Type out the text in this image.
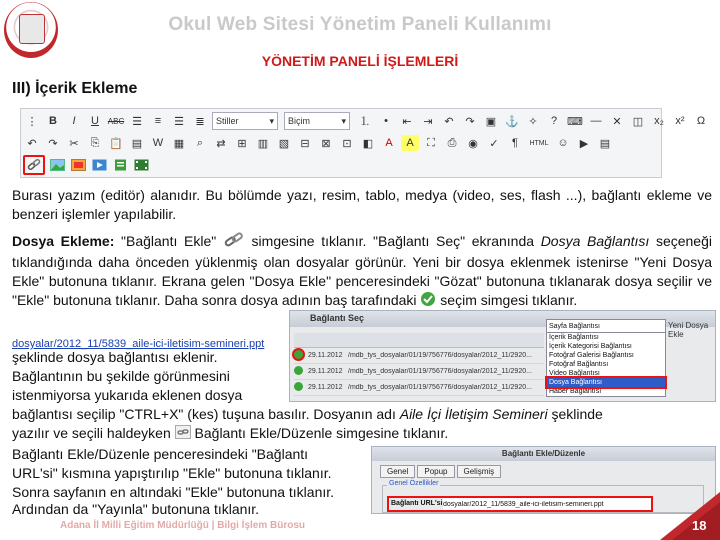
Okul Web Sitesi Yönetim Paneli Kullanımı
YÖNETİM PANELİ İŞLEMLERİ
III) İçerik Ekleme
⋮	B	I	U	ABC ☰	≡	☰	≣	Stiller	▾ Biçim	▾	⒈	•	⇤	⇥	↶	↷	▣ ⚓ ✧	? ⌨ — ✕	◫ x₂	x²	Ω
↶	↷	✂	⎘ 📋 ▤ W ▦	⌕	⇄	⊞	▥ ▧	⊟	⊠	⊡	◧	A	A	⛶	⎙	◉	✓	¶	HTML ☺	▶	▤
Burası yazım (editör) alanıdır. Bu bölümde yazı, resim, tablo, medya (video, ses, flash ...), bağlantı ekleme ve benzeri işlemler yapılabilir.
Dosya Ekleme: "Bağlantı Ekle"  simgesine tıklanır. "Bağlantı Seç" ekranında Dosya Bağlantısı seçeneği tıklandığında daha önceden yüklenmiş olan dosyalar görünür. Yeni bir dosya eklenmek istenirse "Yeni Dosya Ekle" butonuna tıklanır. Ekrana gelen "Dosya Ekle" penceresindeki "Gözat" butonuna tıklanarak dosya seçilir ve "Ekle" butonuna tıklanır. Daha sonra dosya adının baş tarafındaki  seçim simgesi tıklanır.
dosyalar/2012_11/5839_aile-ici-iletisim-semineri.ppt
şeklinde dosya bağlantısı eklenir.
Bağlantının bu şekilde görünmesini
istenmiyorsa yukarıda eklenen dosya
bağlantısı seçilip "CTRL+X" (kes) tuşuna basılır. Dosyanın adı Aile İçi İletişim Semineri şeklinde
yazılır ve seçili haldeyken  Bağlantı Ekle/Düzenle simgesine tıklanır.
Bağlantı Seç
29.11.2012 /mdb_tys_dosyalar/01/19/756776/dosyalar/2012_11/2920...
29.11.2012 /mdb_tys_dosyalar/01/19/756776/dosyalar/2012_11/2920...
29.11.2012 /mdb_tys_dosyalar/01/19/756776/dosyalar/2012_11/2920...
Sayfa Bağlantısı
İçerik Bağlantısı
İçerik Kategorisi Bağlantısı
Fotoğraf Galerisi Bağlantısı
Fotoğraf Bağlantısı
Video Bağlantısı
Dosya Bağlantısı
Haber Bağlantısı
Yeni Dosya Ekle
Bağlantı Ekle/Düzenle penceresindeki "Bağlantı
URL'si" kısmına yapıştırılıp "Ekle" butonuna tıklanır.
Sonra sayfanın en altındaki "Ekle" butonuna tıklanır.
Ardından da "Yayınla" butonuna tıklanır.
Bağlantı Ekle/Düzenle
Genel	Popup	Gelişmiş
Genel Özellikler
Bağlantı URL'si dosyalar/2012_11/5839_aile-ici-iletisim-semineri.ppt
Adana İl Milli Eğitim Müdürlüğü | Bilgi İşlem Bürosu	18
